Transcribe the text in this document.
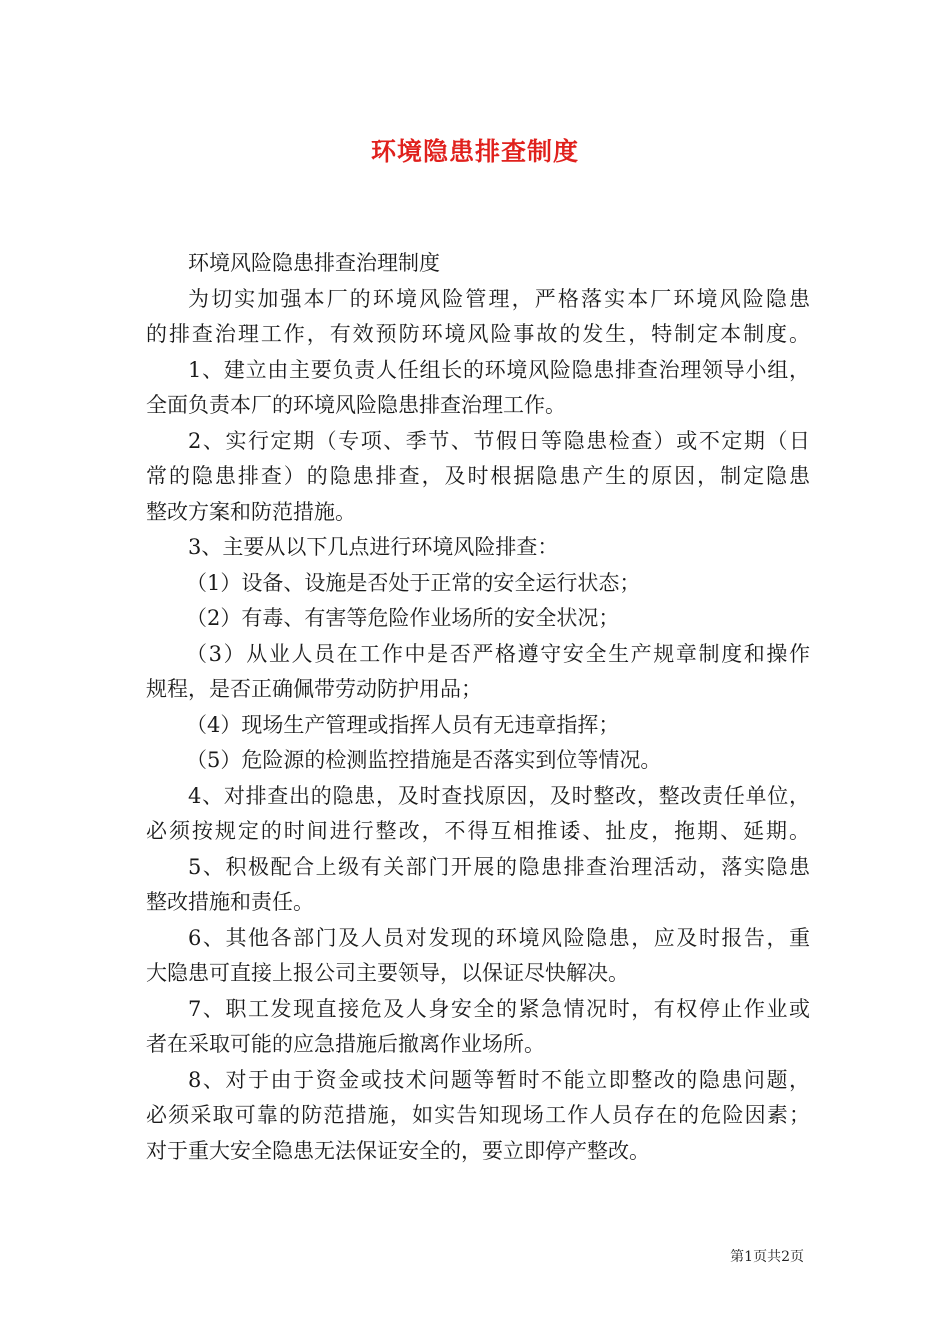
环境隐患排查制度

环境风险隐患排查治理制度

为切实加强本厂的环境风险管理，严格落实本厂环境风险隐患

的排查治理工作，有效预防环境风险事故的发生，特制定本制度。

1、建立由主要负责人任组长的环境风险隐患排查治理领导小组，

全面负责本厂的环境风险隐患排查治理工作。

2、实行定期（专项、季节、节假日等隐患检查）或不定期（日

常的隐患排查）的隐患排查，及时根据隐患产生的原因，制定隐患

整改方案和防范措施。

3、主要从以下几点进行环境风险排查：

（1）设备、设施是否处于正常的安全运行状态；

（2）有毒、有害等危险作业场所的安全状况；

（3）从业人员在工作中是否严格遵守安全生产规章制度和操作

规程，是否正确佩带劳动防护用品；

（4）现场生产管理或指挥人员有无违章指挥；

（5）危险源的检测监控措施是否落实到位等情况。

4、对排查出的隐患，及时查找原因，及时整改，整改责任单位，

必须按规定的时间进行整改，不得互相推诿、扯皮，拖期、延期。

5、积极配合上级有关部门开展的隐患排查治理活动，落实隐患

整改措施和责任。

6、其他各部门及人员对发现的环境风险隐患，应及时报告，重

大隐患可直接上报公司主要领导，以保证尽快解决。

7、职工发现直接危及人身安全的紧急情况时，有权停止作业或

者在采取可能的应急措施后撤离作业场所。

8、对于由于资金或技术问题等暂时不能立即整改的隐患问题，

必须采取可靠的防范措施，如实告知现场工作人员存在的危险因素；

对于重大安全隐患无法保证安全的，要立即停产整改。

第1页共2页
